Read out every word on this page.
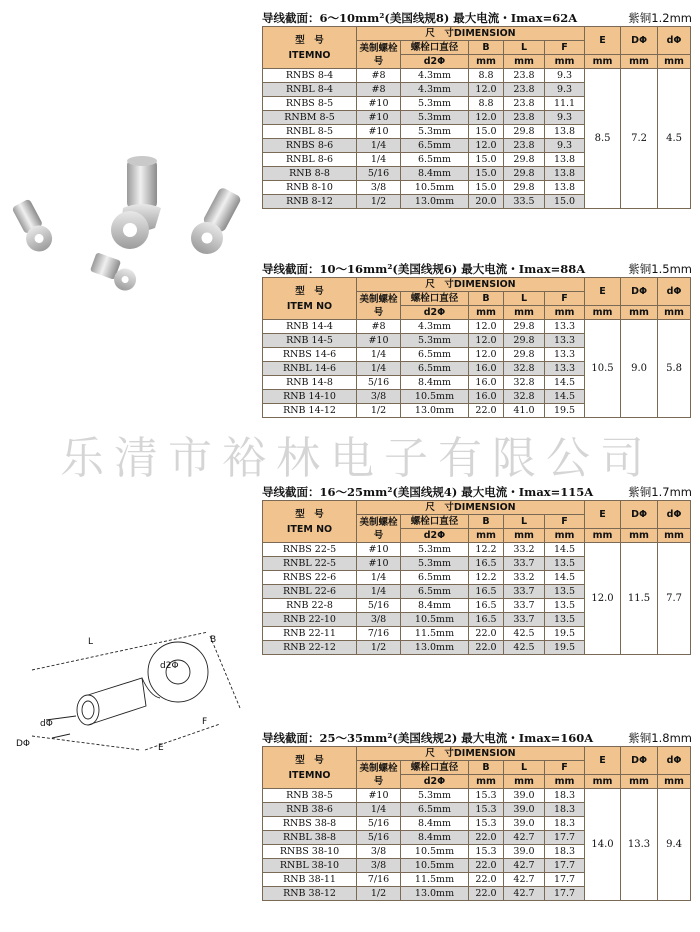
L	B
d2Φ
F
E
dΦ
DΦ
乐清市裕林电子有限公司
导线截面：6～10mm²(美国线规8) 最大电流・Imax=62A	紫铜1.2mm
型　号
ITEMNO	尺　寸DIMENSION					E	DΦ	dΦ
	美制螺栓号	螺栓口直径	B	L	F			
		d2Φ	mm	mm	mm	mm	mm	mm
RNBS 8-4	#8	4.3mm	8.8	23.8	9.3	8.5	7.2	4.5
RNBL 8-4	#8	4.3mm	12.0	23.8	9.3			
RNBS 8-5	#10	5.3mm	8.8	23.8	11.1			
RNBM 8-5	#10	5.3mm	12.0	23.8	9.3			
RNBL 8-5	#10	5.3mm	15.0	29.8	13.8			
RNBS 8-6	1/4	6.5mm	12.0	23.8	9.3			
RNBL 8-6	1/4	6.5mm	15.0	29.8	13.8			
RNB 8-8	5/16	8.4mm	15.0	29.8	13.8			
RNB 8-10	3/8	10.5mm	15.0	29.8	13.8			
RNB 8-12	1/2	13.0mm	20.0	33.5	15.0			
导线截面：10～16mm²(美国线规6) 最大电流・Imax=88A	紫铜1.5mm
型　号
ITEM NO	尺　寸DIMENSION					E	DΦ	dΦ
	美制螺栓号	螺栓口直径	B	L	F			
		d2Φ	mm	mm	mm	mm	mm	mm
RNB 14-4	#8	4.3mm	12.0	29.8	13.3	10.5	9.0	5.8
RNB 14-5	#10	5.3mm	12.0	29.8	13.3			
RNBS 14-6	1/4	6.5mm	12.0	29.8	13.3			
RNBL 14-6	1/4	6.5mm	16.0	32.8	13.3			
RNB 14-8	5/16	8.4mm	16.0	32.8	14.5			
RNB 14-10	3/8	10.5mm	16.0	32.8	14.5			
RNB 14-12	1/2	13.0mm	22.0	41.0	19.5			
导线截面：16～25mm²(美国线规4) 最大电流・Imax=115A	紫铜1.7mm
型　号
ITEM NO	尺　寸DIMENSION					E	DΦ	dΦ
	美制螺栓号	螺栓口直径	B	L	F			
		d2Φ	mm	mm	mm	mm	mm	mm
RNBS 22-5	#10	5.3mm	12.2	33.2	14.5	12.0	11.5	7.7
RNBL 22-5	#10	5.3mm	16.5	33.7	13.5			
RNBS 22-6	1/4	6.5mm	12.2	33.2	14.5			
RNBL 22-6	1/4	6.5mm	16.5	33.7	13.5			
RNB 22-8	5/16	8.4mm	16.5	33.7	13.5			
RNB 22-10	3/8	10.5mm	16.5	33.7	13.5			
RNB 22-11	7/16	11.5mm	22.0	42.5	19.5			
RNB 22-12	1/2	13.0mm	22.0	42.5	19.5			
导线截面：25～35mm²(美国线规2) 最大电流・Imax=160A	紫铜1.8mm
型　号
ITEMNO	尺　寸DIMENSION					E	DΦ	dΦ
	美制螺栓号	螺栓口直径	B	L	F			
		d2Φ	mm	mm	mm	mm	mm	mm
RNB 38-5	#10	5.3mm	15.3	39.0	18.3	14.0	13.3	9.4
RNB 38-6	1/4	6.5mm	15.3	39.0	18.3			
RNBS 38-8	5/16	8.4mm	15.3	39.0	18.3			
RNBL 38-8	5/16	8.4mm	22.0	42.7	17.7			
RNBS 38-10	3/8	10.5mm	15.3	39.0	18.3			
RNBL 38-10	3/8	10.5mm	22.0	42.7	17.7			
RNB 38-11	7/16	11.5mm	22.0	42.7	17.7			
RNB 38-12	1/2	13.0mm	22.0	42.7	17.7			
